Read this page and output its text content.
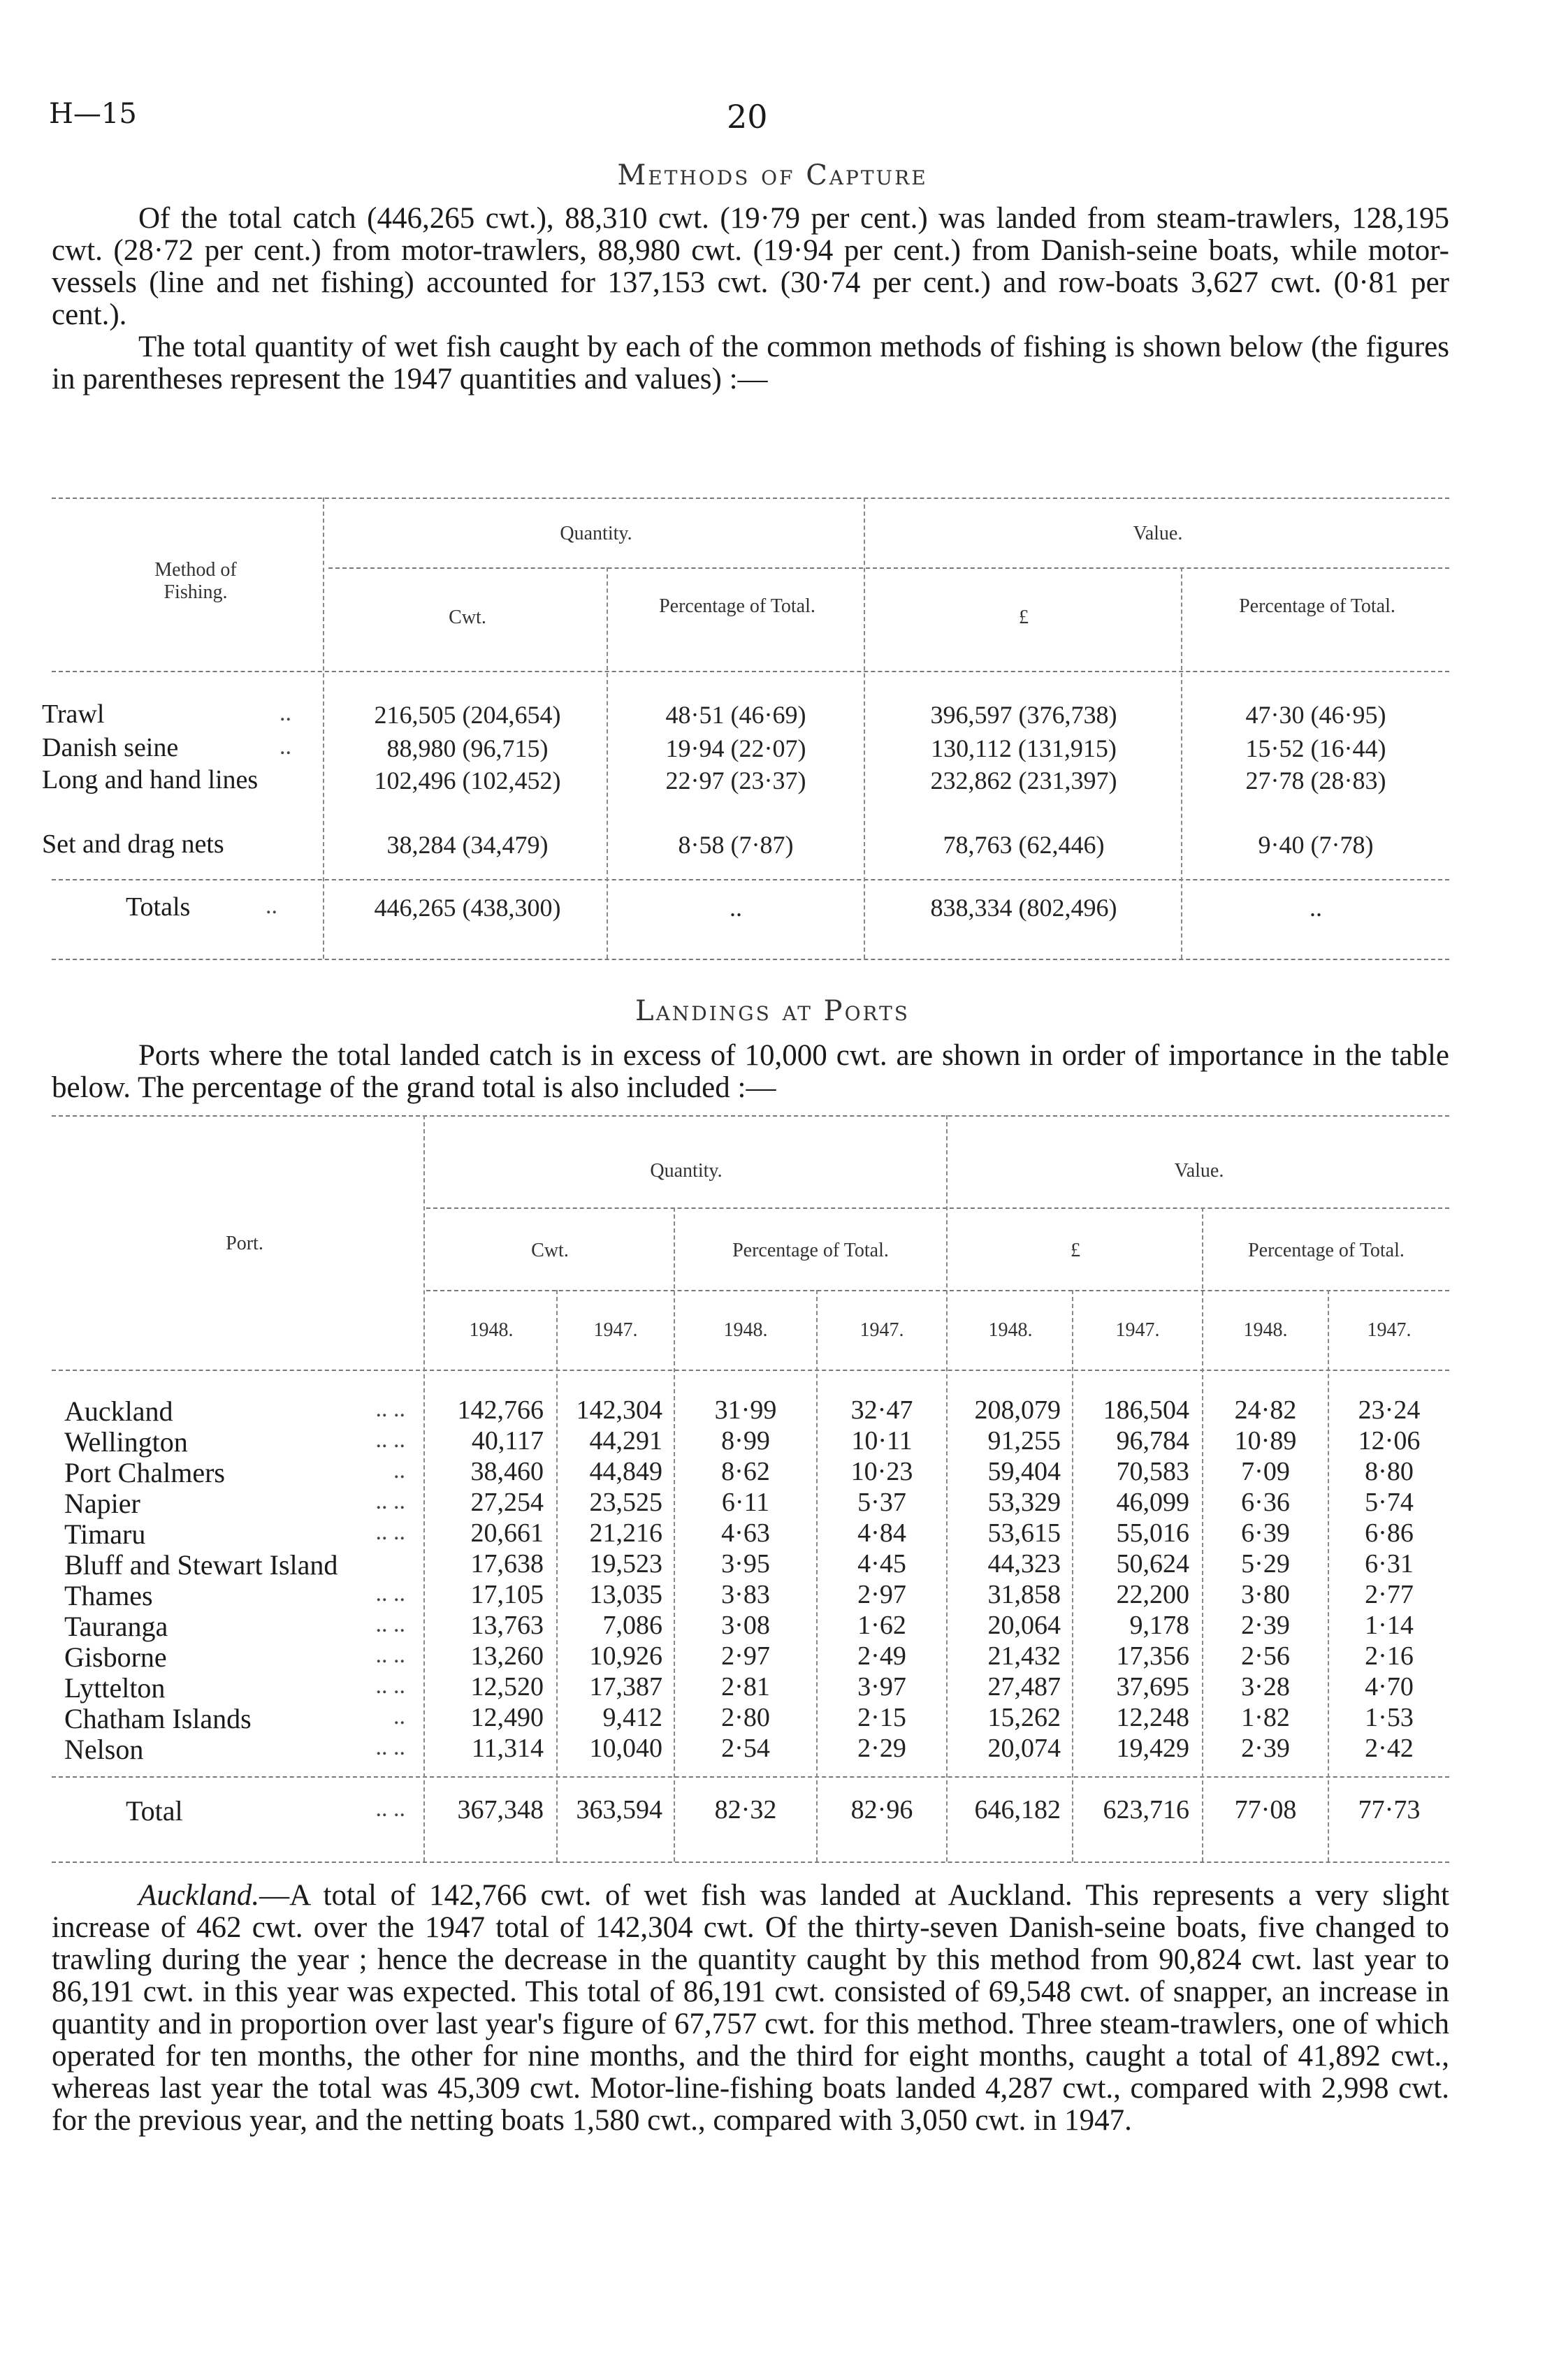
H—15	20
Methods of Capture

Of the total catch (446,265 cwt.), 88,310 cwt. (19·79 per cent.) was landed from steam-trawlers, 128,195 cwt. (28·72 per cent.) from motor-trawlers, 88,980 cwt. (19·94 per cent.) from Danish-seine boats, while motor-vessels (line and net fishing) accounted for 137,153 cwt. (30·74 per cent.) and row-boats 3,627 cwt. (0·81 per cent.).

The total quantity of wet fish caught by each of the common methods of fishing is shown below (the figures in parentheses represent the 1947 quantities and values) :—

Method of Fishing.
Quantity.	Value.
Cwt.
Percentage of Total.
£
Percentage of Total.
Trawl	..	216,505 (204,654)	48·51 (46·69)	396,597 (376,738)	47·30 (46·95)
Danish seine	..	88,980 (96,715)	19·94 (22·07)	130,112 (131,915)	15·52 (16·44)
Long and hand lines	102,496 (102,452)	22·97 (23·37)	232,862 (231,397)	27·78 (28·83)
Set and drag nets	38,284 (34,479)	8·58 (7·87)	78,763 (62,446)	9·40 (7·78)
Totals	..	446,265 (438,300)	..	838,334 (802,496)	..
Landings at Ports

Ports where the total landed catch is in excess of 10,000 cwt. are shown in order of importance in the table below. The percentage of the grand total is also included :—

Port.
Quantity.	Value.
Cwt.	Percentage of Total.	£	Percentage of Total.
1948.	1947.	1948.	1947.	1948.	1947.	1948.	1947.
Auckland	.. ..	142,766	142,304	31·99	32·47	208,079	186,504	24·82	23·24
Wellington	.. ..	40,117	44,291	8·99	10·11	91,255	96,784	10·89	12·06
Port Chalmers	..	38,460	44,849	8·62	10·23	59,404	70,583	7·09	8·80
Napier	.. ..	27,254	23,525	6·11	5·37	53,329	46,099	6·36	5·74
Timaru	.. ..	20,661	21,216	4·63	4·84	53,615	55,016	6·39	6·86
Bluff and Stewart Island	17,638	19,523	3·95	4·45	44,323	50,624	5·29	6·31
Thames	.. ..	17,105	13,035	3·83	2·97	31,858	22,200	3·80	2·77
Tauranga	.. ..	13,763	7,086	3·08	1·62	20,064	9,178	2·39	1·14
Gisborne	.. ..	13,260	10,926	2·97	2·49	21,432	17,356	2·56	2·16
Lyttelton	.. ..	12,520	17,387	2·81	3·97	27,487	37,695	3·28	4·70
Chatham Islands	..	12,490	9,412	2·80	2·15	15,262	12,248	1·82	1·53
Nelson	.. ..	11,314	10,040	2·54	2·29	20,074	19,429	2·39	2·42
Total	.. ..	367,348	363,594	82·32	82·96	646,182	623,716	77·08	77·73

Auckland.—A total of 142,766 cwt. of wet fish was landed at Auckland. This represents a very slight increase of 462 cwt. over the 1947 total of 142,304 cwt. Of the thirty-seven Danish-seine boats, five changed to trawling during the year ; hence the decrease in the quantity caught by this method from 90,824 cwt. last year to 86,191 cwt. in this year was expected. This total of 86,191 cwt. consisted of 69,548 cwt. of snapper, an increase in quantity and in proportion over last year's figure of 67,757 cwt. for this method. Three steam-trawlers, one of which operated for ten months, the other for nine months, and the third for eight months, caught a total of 41,892 cwt., whereas last year the total was 45,309 cwt. Motor-line-fishing boats landed 4,287 cwt., compared with 2,998 cwt. for the previous year, and the netting boats 1,580 cwt., compared with 3,050 cwt. in 1947.
